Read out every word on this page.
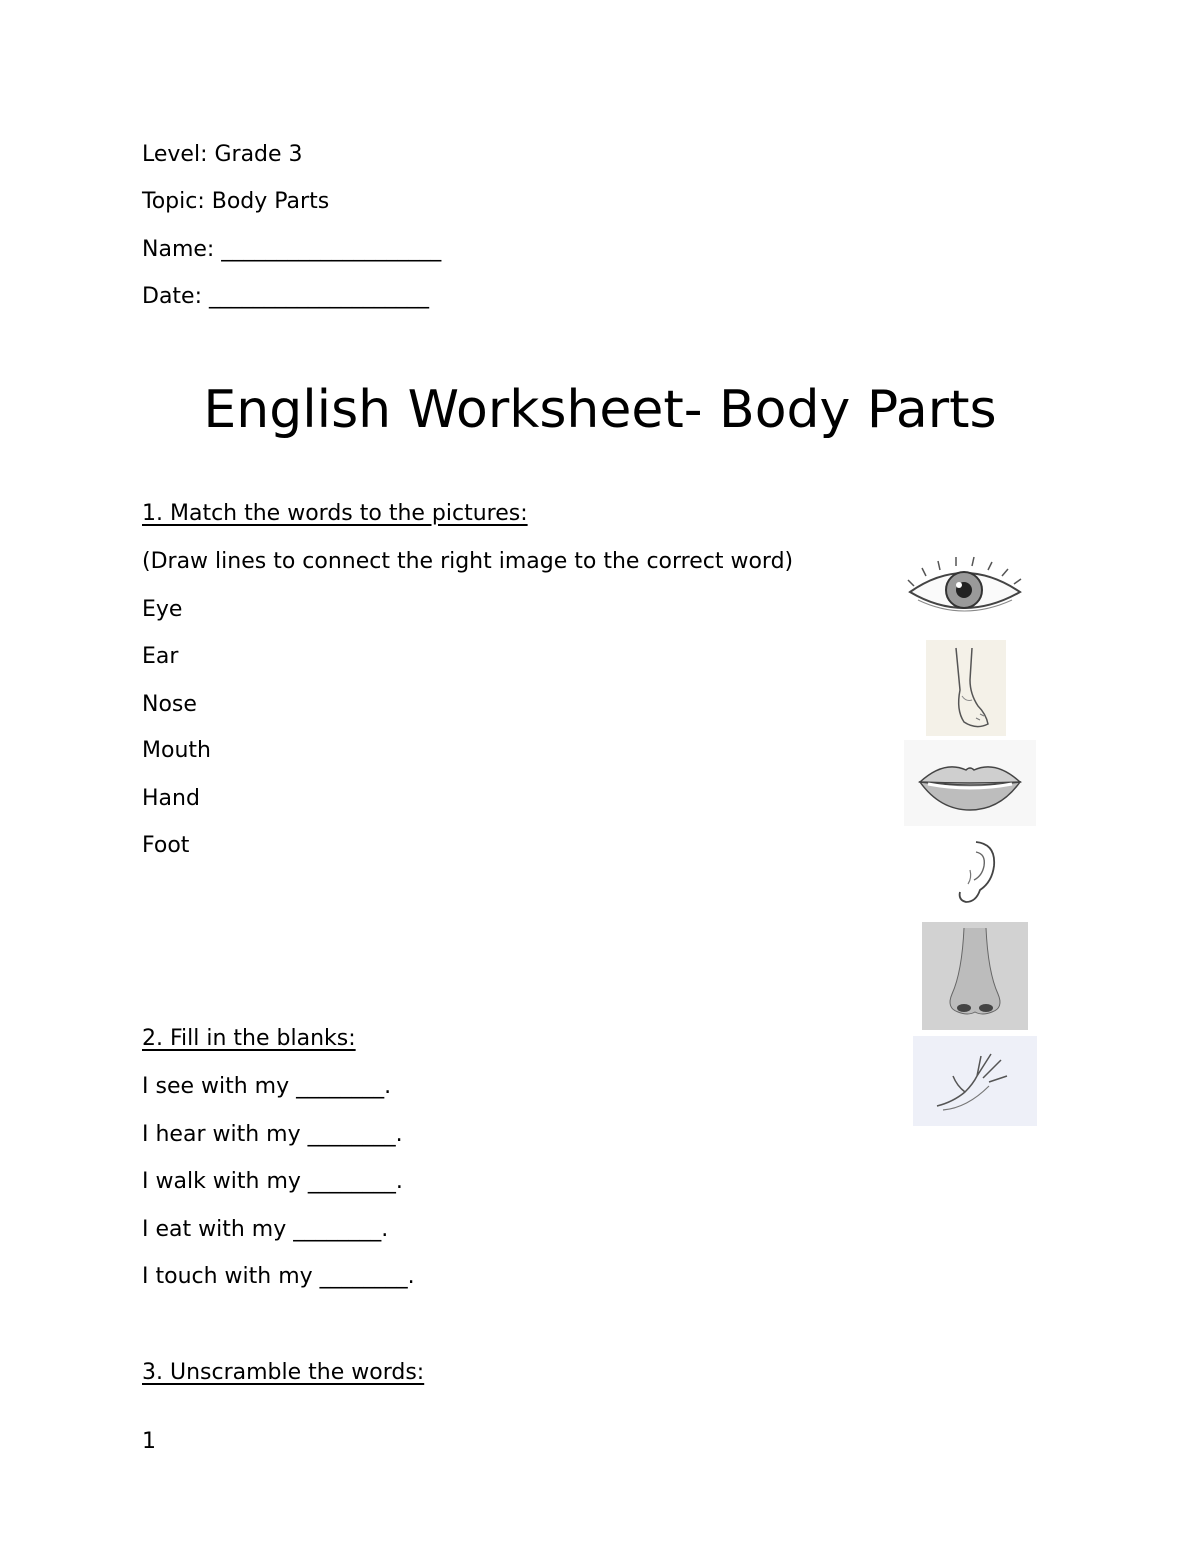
Level: Grade 3
Topic: Body Parts
Name: ____________________
Date: ____________________
English Worksheet- Body Parts
1. Match the words to the pictures:
(Draw lines to connect the right image to the correct word)
Eye
Ear
Nose
Mouth
Hand
Foot
2. Fill in the blanks:
I see with my ________.
I hear with my ________.
I walk with my ________.
I eat with my ________.
I touch with my ________.
3. Unscramble the words:
1
